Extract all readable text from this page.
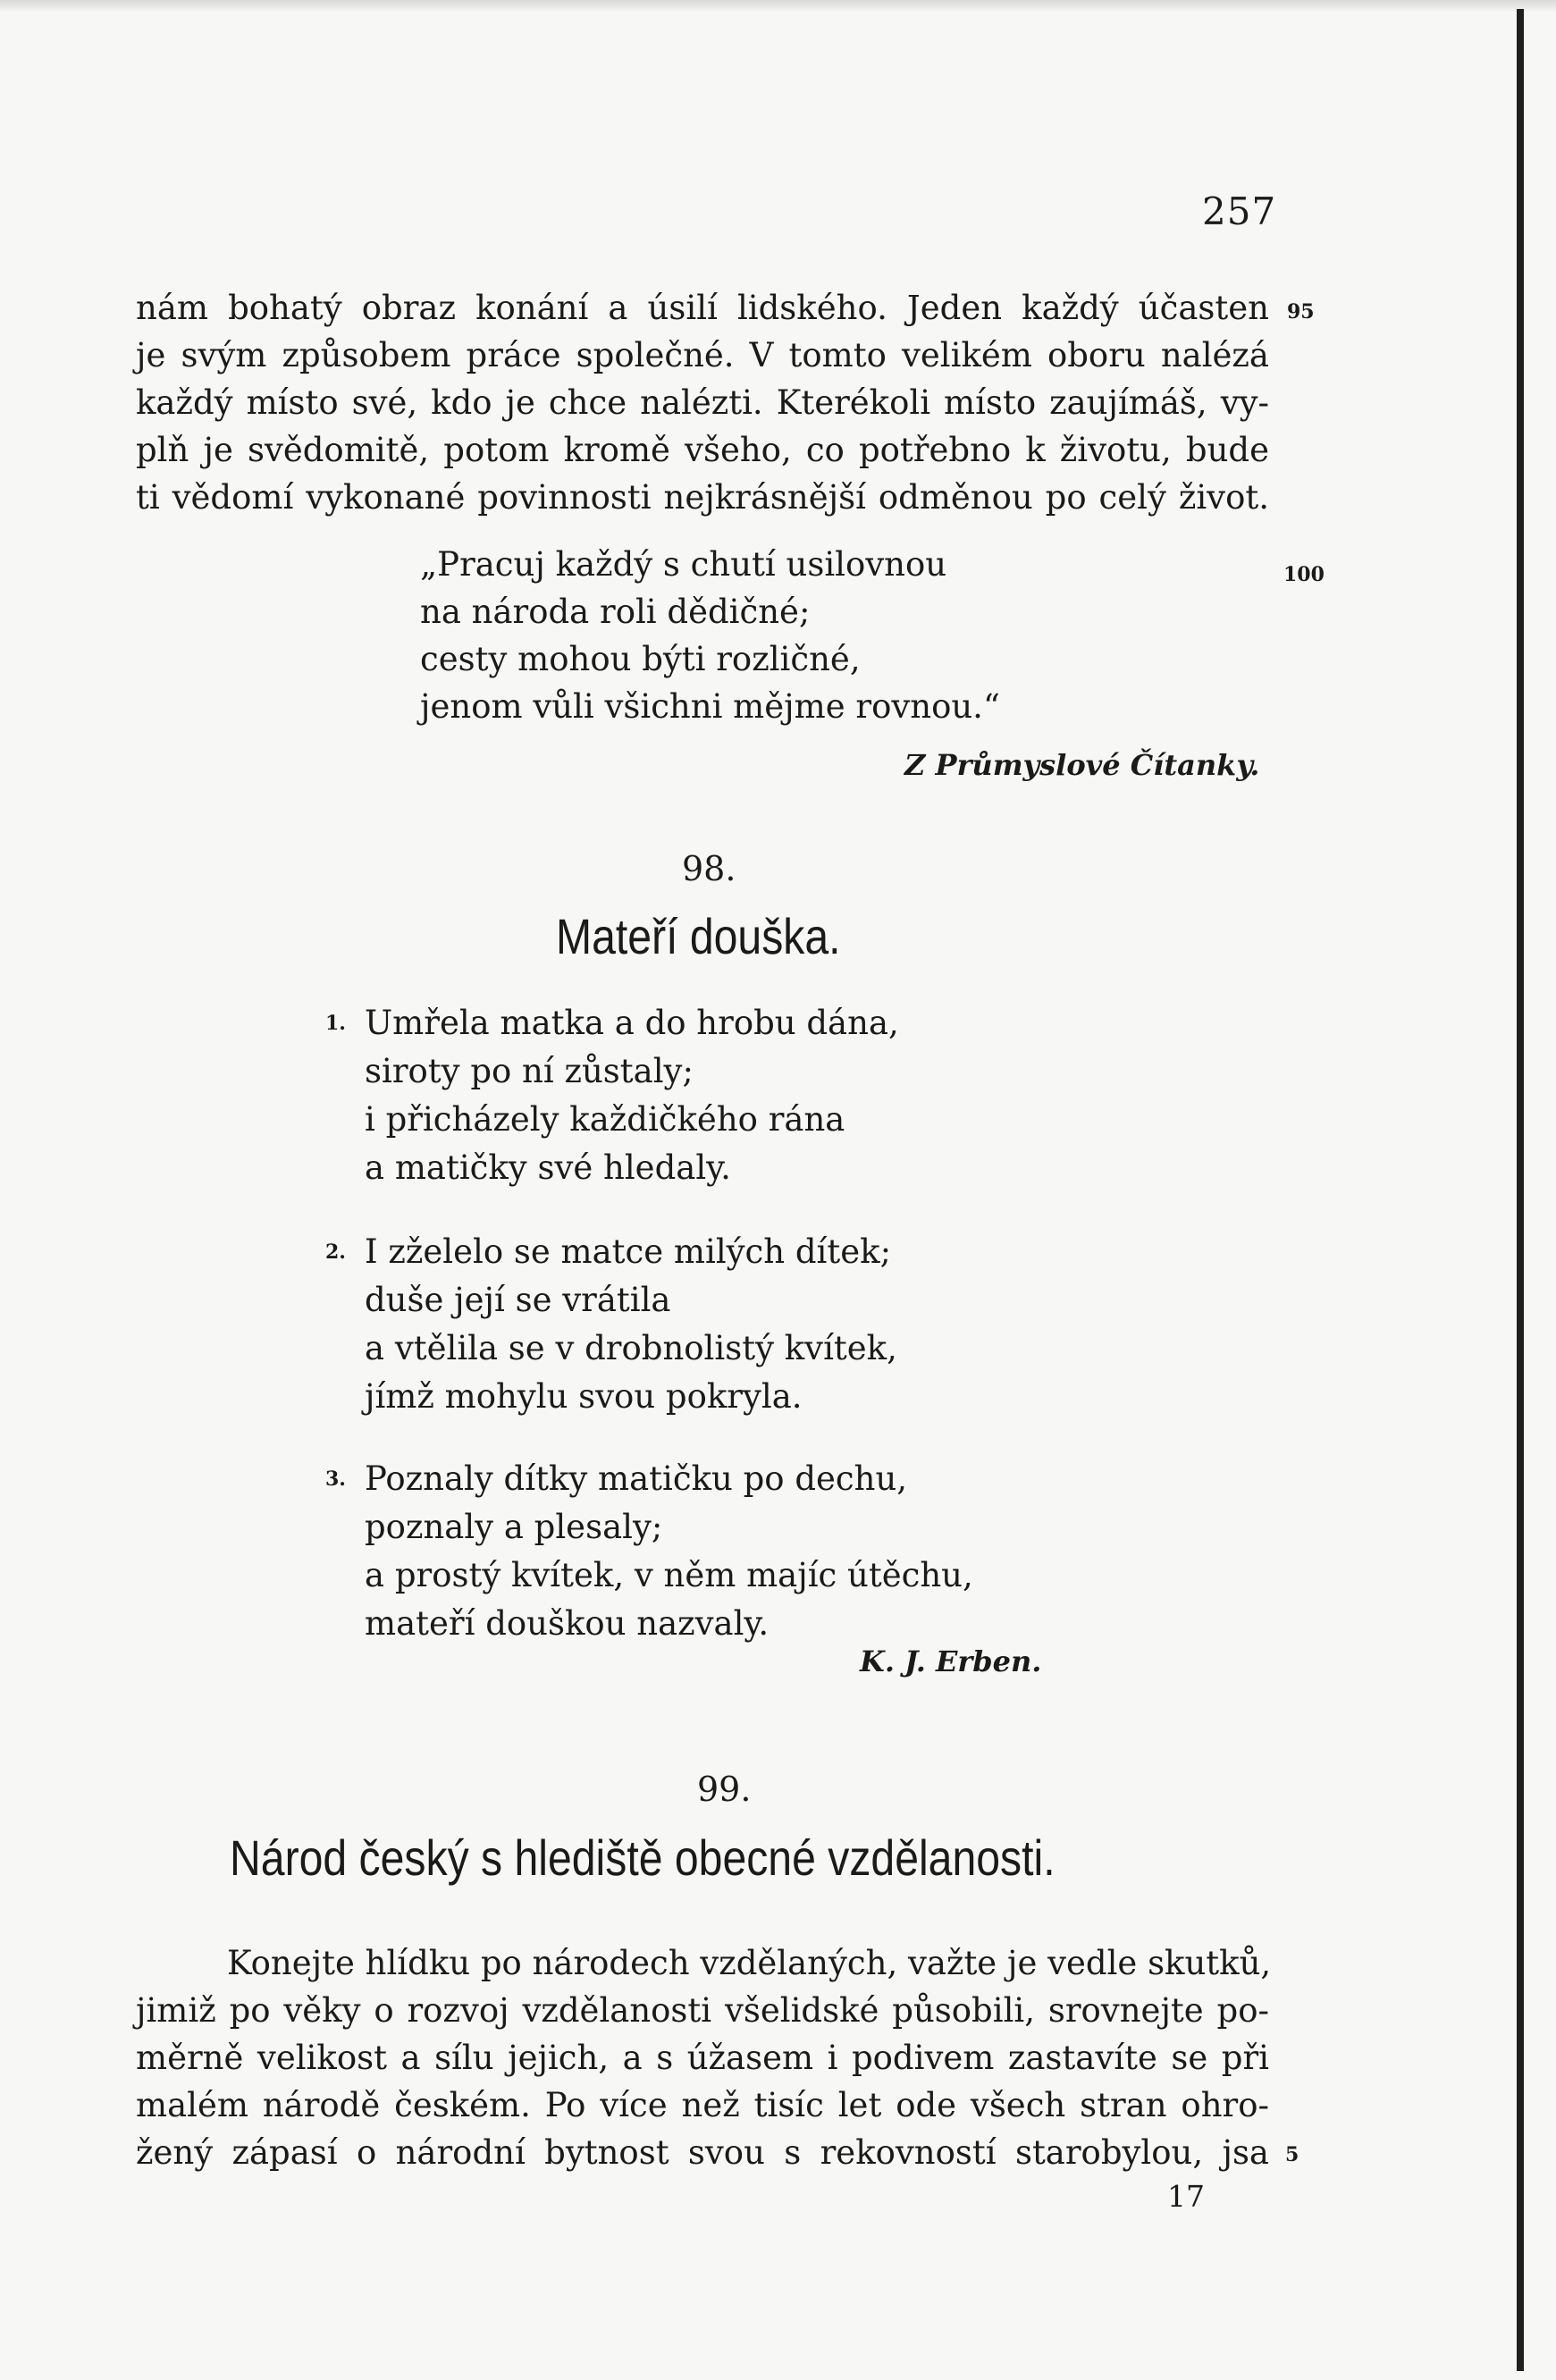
257
nám bohatý obraz konání a úsilí lidského. Jeden každý účasten
je svým způsobem práce společné. V tomto velikém oboru nalézá
každý místo své, kdo je chce nalézti. Kterékoli místo zaujímáš, vy-
plň je svědomitě, potom kromě všeho, co potřebno k životu, bude
ti vědomí vykonané povinnosti nejkrásnější odměnou po celý život.
95
„Pracuj každý s chutí usilovnou
na národa roli dědičné;
cesty mohou býti rozličné,
jenom vůli všichni mějme rovnou.“
100
Z Průmyslové Čítanky.
98.
Mateří douška.
1. Umřela matka a do hrobu dána,
siroty po ní zůstaly;
i přicházely každičkého rána
a matičky své hledaly.
2. I zželelo se matce milých dítek;
duše její se vrátila
a vtělila se v drobnolistý kvítek,
jímž mohylu svou pokryla.
3. Poznaly dítky matičku po dechu,
poznaly a plesaly;
a prostý kvítek, v něm majíc útěchu,
mateří douškou nazvaly.
K. J. Erben.
99.
Národ český s hlediště obecné vzdělanosti.
Konejte hlídku po národech vzdělaných, važte je vedle skutků,
jimiž po věky o rozvoj vzdělanosti všelidské působili, srovnejte po-
měrně velikost a sílu jejich, a s úžasem i podivem zastavíte se při
malém národě českém. Po více než tisíc let ode všech stran ohro-
žený zápasí o národní bytnost svou s rekovností starobylou, jsa 5
17
